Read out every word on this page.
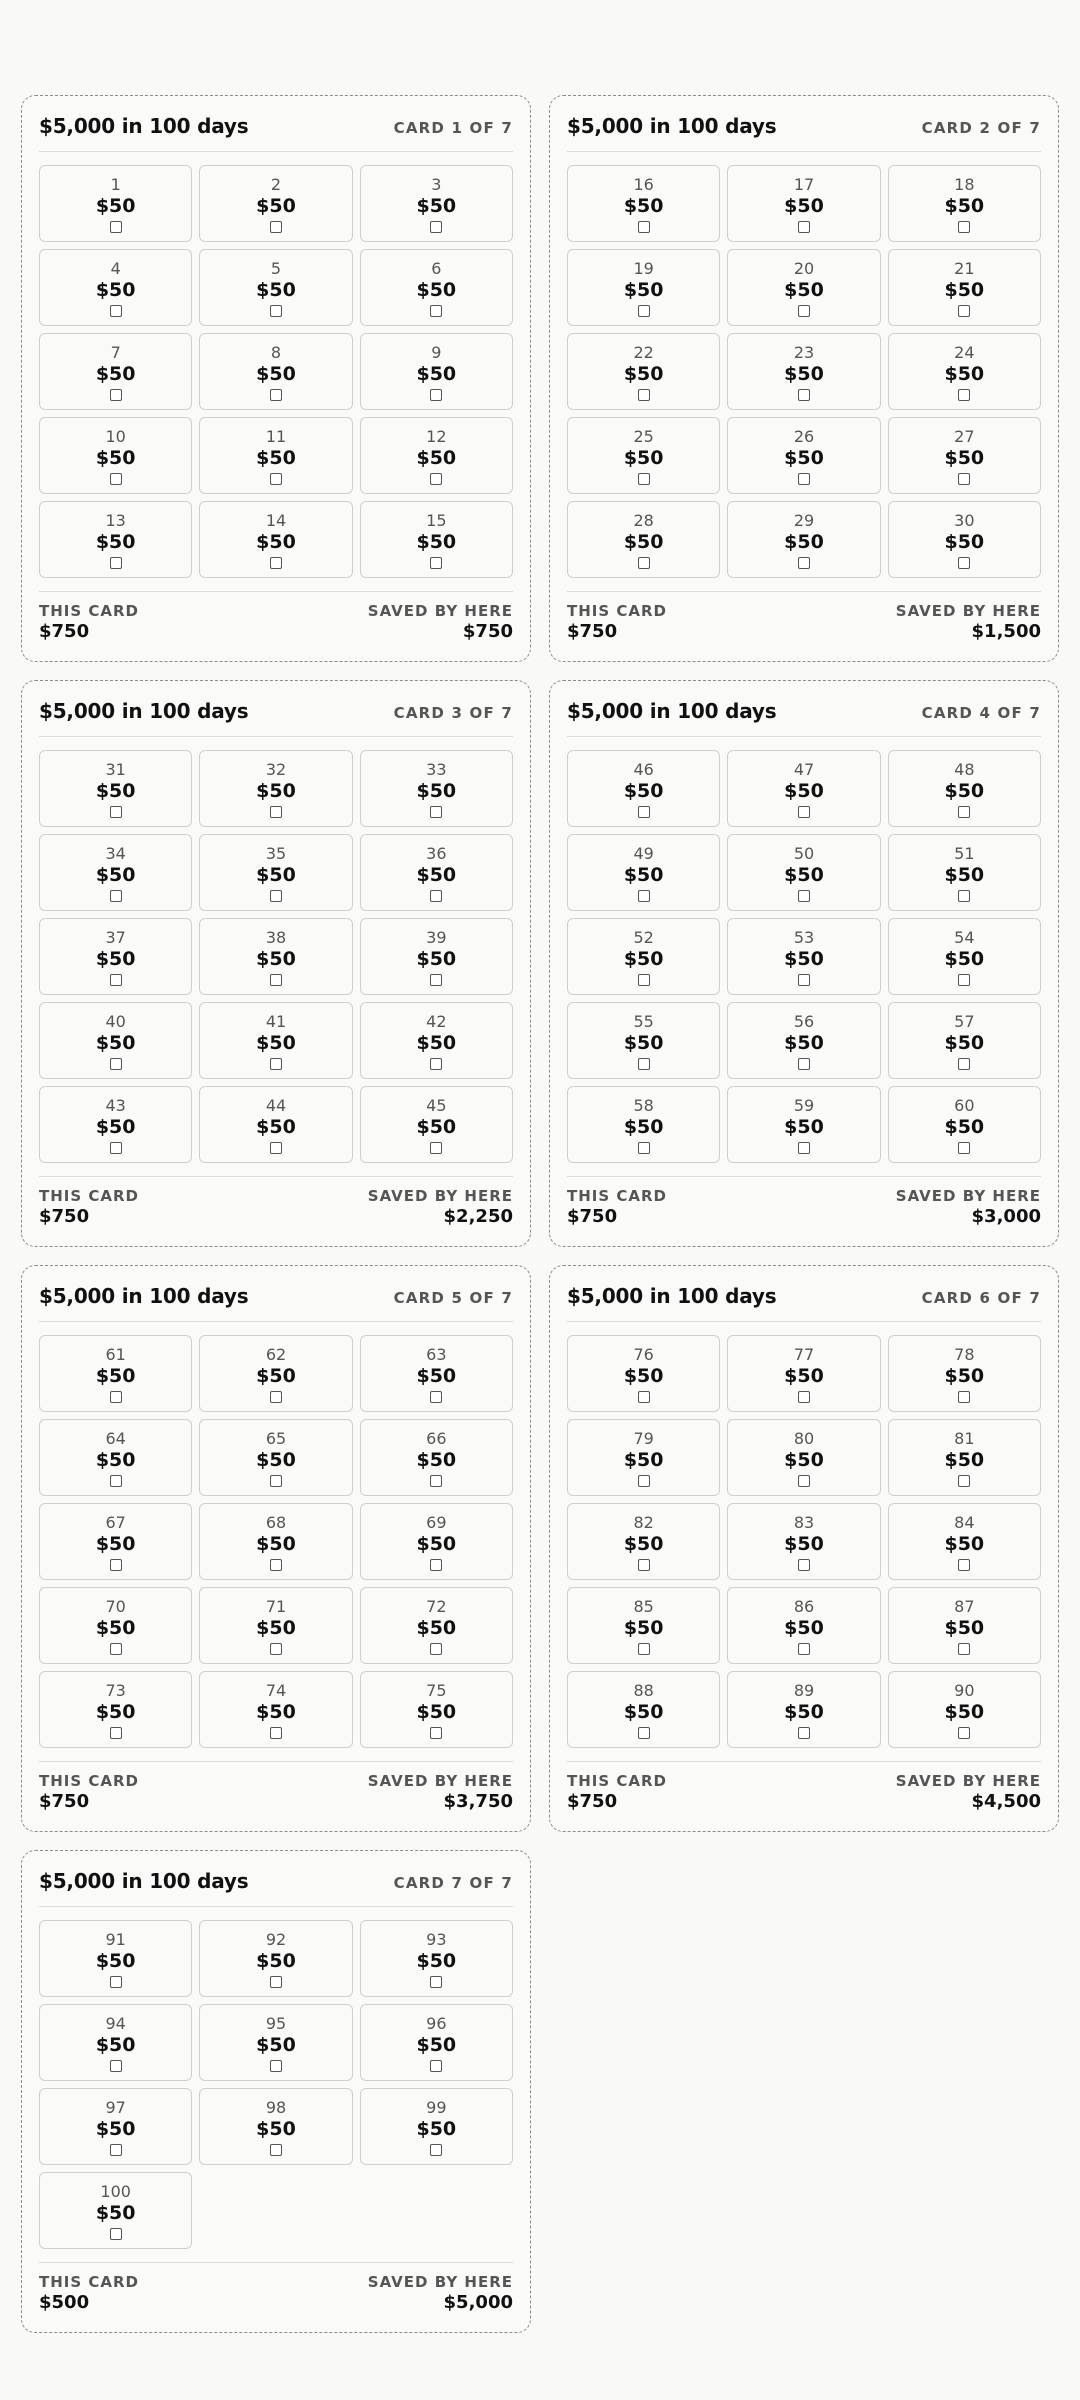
$5,000 in 100 days	CARD 1 OF 7
1
$50
2
$50
3
$50
4
$50
5
$50
6
$50
7
$50
8
$50
9
$50
10
$50
11
$50
12
$50
13
$50
14
$50
15
$50
THIS CARD
$750
SAVED BY HERE
$750
$5,000 in 100 days	CARD 2 OF 7
16
$50
17
$50
18
$50
19
$50
20
$50
21
$50
22
$50
23
$50
24
$50
25
$50
26
$50
27
$50
28
$50
29
$50
30
$50
THIS CARD
$750
SAVED BY HERE
$1,500
$5,000 in 100 days	CARD 3 OF 7
31
$50
32
$50
33
$50
34
$50
35
$50
36
$50
37
$50
38
$50
39
$50
40
$50
41
$50
42
$50
43
$50
44
$50
45
$50
THIS CARD
$750
SAVED BY HERE
$2,250
$5,000 in 100 days	CARD 4 OF 7
46
$50
47
$50
48
$50
49
$50
50
$50
51
$50
52
$50
53
$50
54
$50
55
$50
56
$50
57
$50
58
$50
59
$50
60
$50
THIS CARD
$750
SAVED BY HERE
$3,000
$5,000 in 100 days	CARD 5 OF 7
61
$50
62
$50
63
$50
64
$50
65
$50
66
$50
67
$50
68
$50
69
$50
70
$50
71
$50
72
$50
73
$50
74
$50
75
$50
THIS CARD
$750
SAVED BY HERE
$3,750
$5,000 in 100 days	CARD 6 OF 7
76
$50
77
$50
78
$50
79
$50
80
$50
81
$50
82
$50
83
$50
84
$50
85
$50
86
$50
87
$50
88
$50
89
$50
90
$50
THIS CARD
$750
SAVED BY HERE
$4,500
$5,000 in 100 days	CARD 7 OF 7
91
$50
92
$50
93
$50
94
$50
95
$50
96
$50
97
$50
98
$50
99
$50
100
$50
THIS CARD
$500
SAVED BY HERE
$5,000
